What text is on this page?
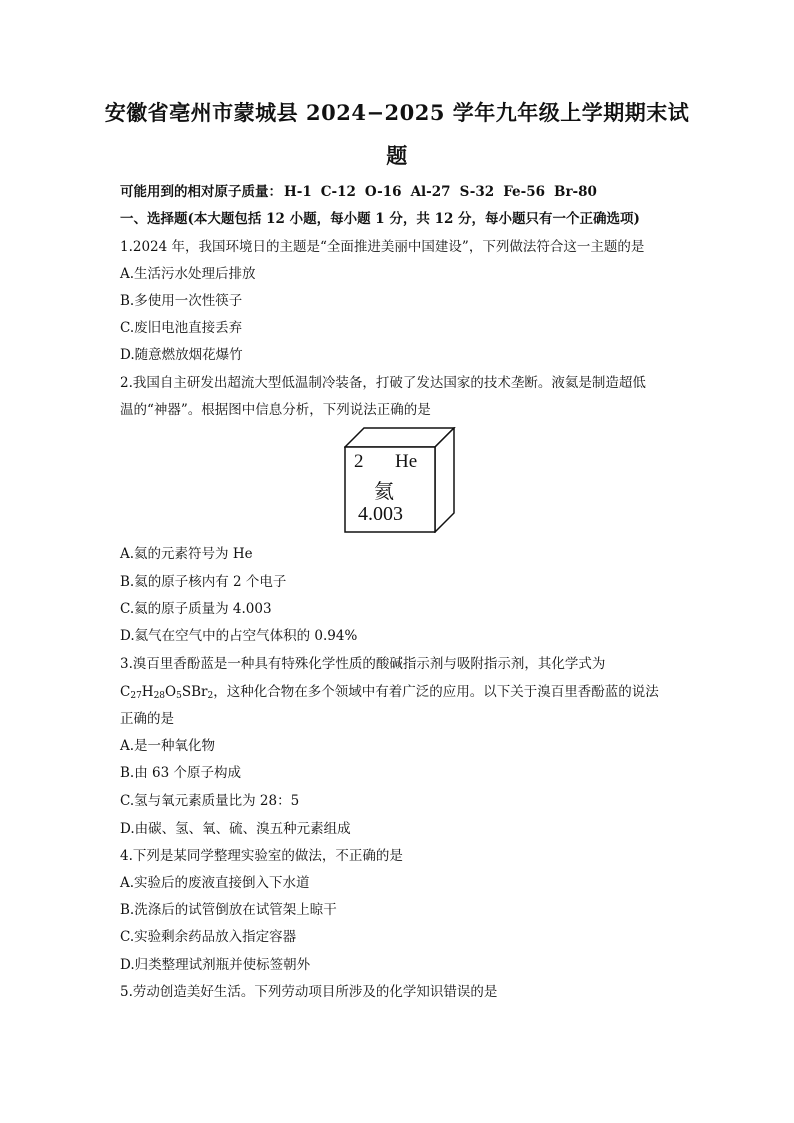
安徽省亳州市蒙城县 2024−2025 学年九年级上学期期末试
题
可能用到的相对原子质量： H-1 C-12 O-16 Al-27 S-32 Fe-56 Br-80
一、选择题(本大题包括 12 小题，每小题 1 分，共 12 分，每小题只有一个正确选项)
1.2024 年，我国环境日的主题是“全面推进美丽中国建设”，下列做法符合这一主题的是
A.生活污水处理后排放
B.多使用一次性筷子
C.废旧电池直接丢弃
D.随意燃放烟花爆竹
2.我国自主研发出超流大型低温制冷装备，打破了发达国家的技术垄断。液氦是制造超低
温的“神器”。根据图中信息分析，下列说法正确的是
2 He
氦
4.003
A.氦的元素符号为 He
B.氦的原子核内有 2 个电子
C.氦的原子质量为 4.003
D.氦气在空气中的占空气体积的 0.94%
3.溴百里香酚蓝是一种具有特殊化学性质的酸碱指示剂与吸附指示剂，其化学式为
$C_{27}H_{28}O_5SBr_2$，这种化合物在多个领域中有着广泛的应用。以下关于溴百里香酚蓝的说法
正确的是
A.是一种氧化物
B.由 63 个原子构成
C.氢与氧元素质量比为 28：5
D.由碳、氢、氧、硫、溴五种元素组成
4.下列是某同学整理实验室的做法，不正确的是
A.实验后的废液直接倒入下水道
B.洗涤后的试管倒放在试管架上晾干
C.实验剩余药品放入指定容器
D.归类整理试剂瓶并使标签朝外
5.劳动创造美好生活。下列劳动项目所涉及的化学知识错误的是
